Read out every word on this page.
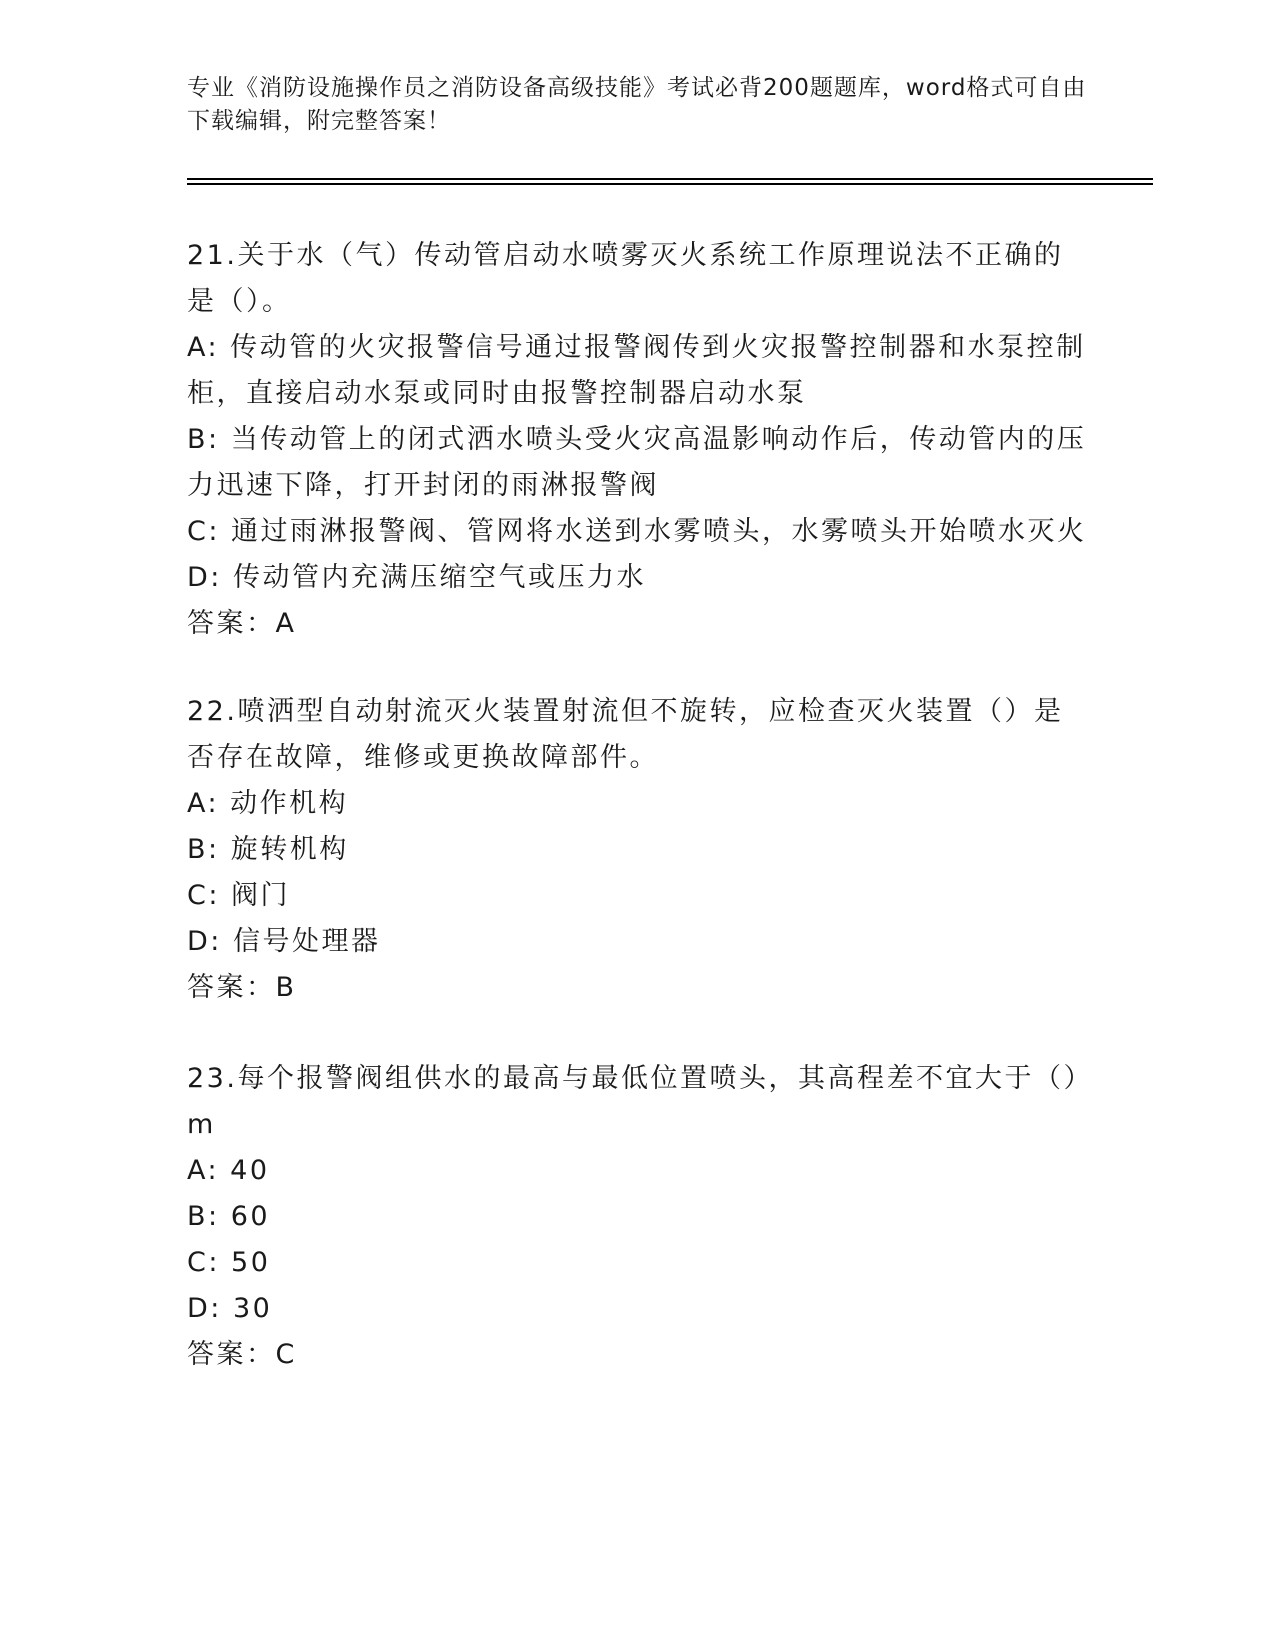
专业《消防设施操作员之消防设备高级技能》考试必背200题题库，word格式可自由下载编辑，附完整答案！

21.关于水（气）传动管启动水喷雾灭火系统工作原理说法不正确的是（）。

A: 传动管的火灾报警信号通过报警阀传到火灾报警控制器和水泵控制柜，直接启动水泵或同时由报警控制器启动水泵

B: 当传动管上的闭式洒水喷头受火灾高温影响动作后，传动管内的压力迅速下降，打开封闭的雨淋报警阀

C: 通过雨淋报警阀、管网将水送到水雾喷头，水雾喷头开始喷水灭火

D: 传动管内充满压缩空气或压力水

答案：A

22.喷洒型自动射流灭火装置射流但不旋转，应检查灭火装置（）是否存在故障，维修或更换故障部件。

A: 动作机构

B: 旋转机构

C: 阀门

D: 信号处理器

答案：B

23.每个报警阀组供水的最高与最低位置喷头，其高程差不宜大于（）m

A: 40

B: 60

C: 50

D: 30

答案：C
